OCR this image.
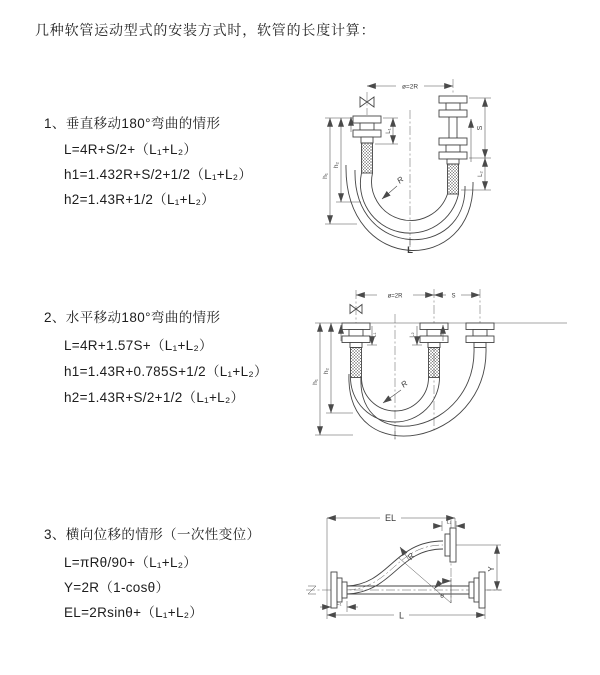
几种软管运动型式的安装方式时，软管的长度计算：
1、垂直移动180°弯曲的情形
L=4R+S/2+（L₁+L₂）
h1=1.432R+S/2+1/2（L₁+L₂）
h2=1.43R+1/2（L₁+L₂）
2、水平移动180°弯曲的情形
L=4R+1.57S+（L₁+L₂）
h1=1.43R+0.785S+1/2（L₁+L₂）
h2=1.43R+S/2+1/2（L₁+L₂）
3、横向位移的情形（一次性变位）
L=πRθ/90+（L₁+L₂）
Y=2R（1-cosθ）
EL=2Rsinθ+（L₁+L₂）
ø=2R
h₁
h₂
S
L₂
L₁
R
L
ø=2R	S
h₁
h₂
L₁	L₂
R
EL	L₁
Y
θ
R
L
L₁
